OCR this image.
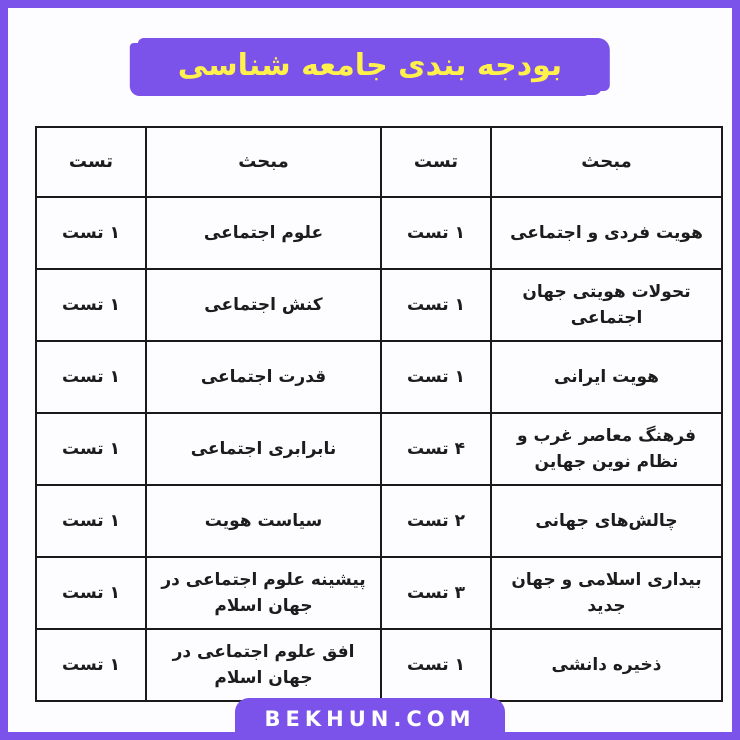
بودجه بندی جامعه شناسی
مبحث	تست	مبحث	تست
هویت فردی و اجتماعی	۱ تست	علوم اجتماعی	۱ تست
تحولات هویتی جهان اجتماعی	۱ تست	کنش اجتماعی	۱ تست
هویت ایرانی	۱ تست	قدرت اجتماعی	۱ تست
فرهنگ معاصر غرب و نظام نوین جهاین	۴ تست	نابرابری اجتماعی	۱ تست
چالش‌های جهانی	۲ تست	سیاست هویت	۱ تست
بیداری اسلامی و جهان جدید	۳ تست	پیشینه علوم اجتماعی در جهان اسلام	۱ تست
ذخیره دانشی	۱ تست	افق علوم اجتماعی در جهان اسلام	۱ تست
BEKHUN.COM
